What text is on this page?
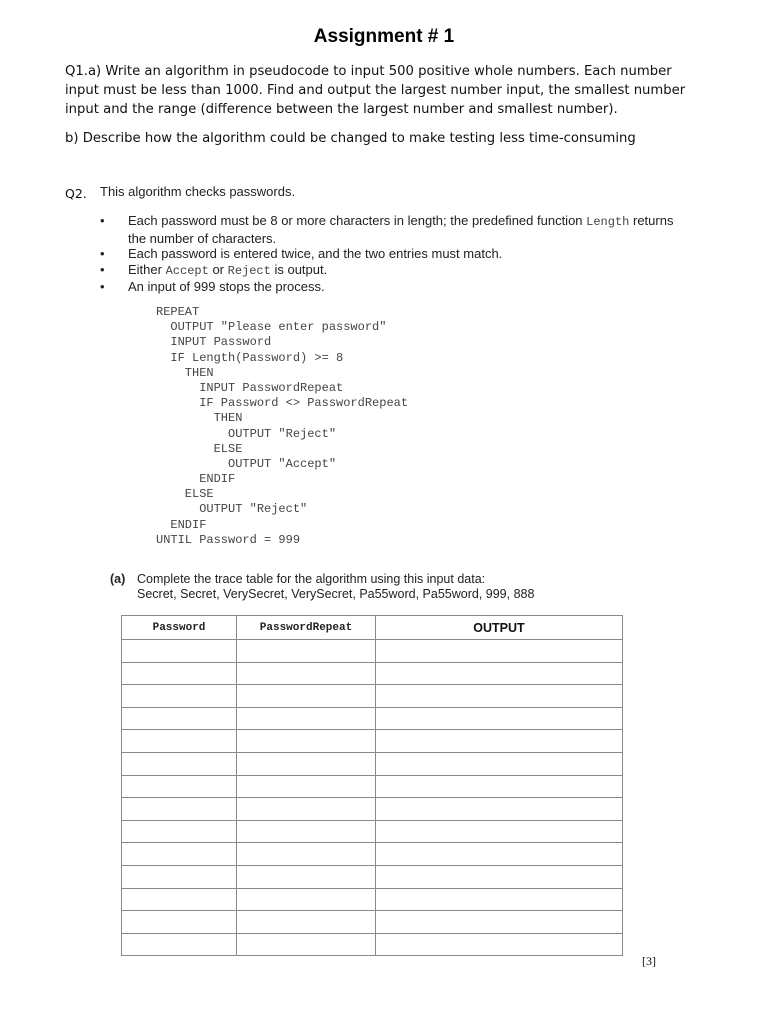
Assignment # 1

Q1.a) Write an algorithm in pseudocode to input 500 positive whole numbers. Each number input must be less than 1000. Find and output the largest number input, the smallest number input and the range (difference between the largest number and smallest number).

b) Describe how the algorithm could be changed to make testing less time-consuming

Q2. This algorithm checks passwords.
• Each password must be 8 or more characters in length; the predefined function Length returns the number of characters.
• Each password is entered twice, and the two entries must match.
• Either Accept or Reject is output.
• An input of 999 stops the process.
REPEAT
OUTPUT "Please enter password"
INPUT Password
IF Length(Password) >= 8
THEN
INPUT PasswordRepeat
IF Password <> PasswordRepeat
THEN
OUTPUT "Reject"
ELSE
OUTPUT "Accept"
ENDIF
ELSE
OUTPUT "Reject"
ENDIF
UNTIL Password = 999
(a) Complete the trace table for the algorithm using this input data:
Secret, Secret, VerySecret, VerySecret, Pa55word, Pa55word, 999, 888
Password	PasswordRepeat	OUTPUT

[3]
